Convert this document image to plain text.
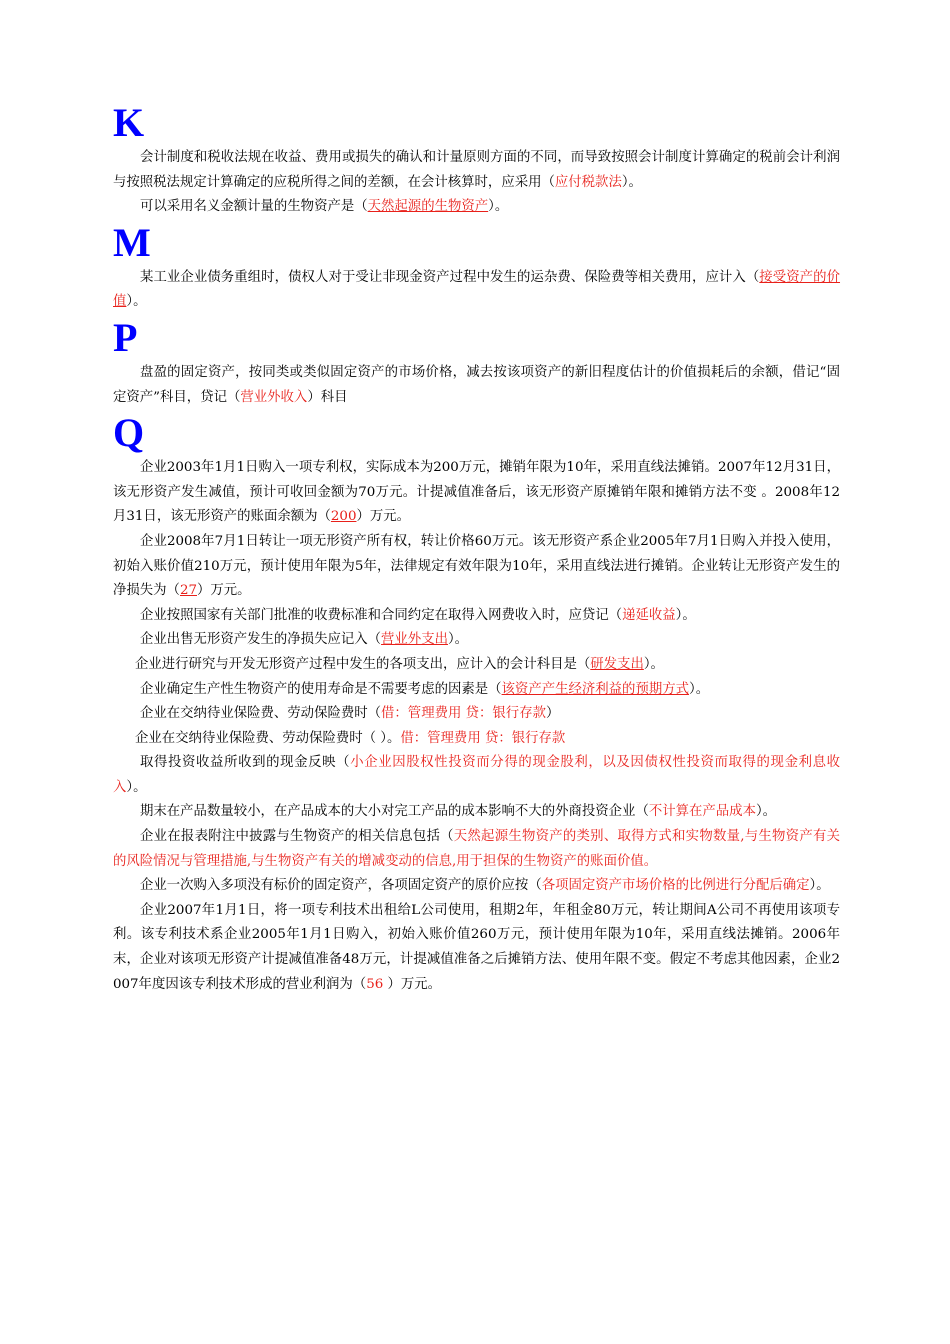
K

会计制度和税收法规在收益、费用或损失的确认和计量原则方面的不同，而导致按照会计制度计算确定的税前会计利润与按照税法规定计算确定的应税所得之间的差额，在会计核算时，应采用（应付税款法）。

可以采用名义金额计量的生物资产是（天然起源的生物资产）。

M

某工业企业债务重组时，债权人对于受让非现金资产过程中发生的运杂费、保险费等相关费用，应计入（接受资产的价值）。

P

盘盈的固定资产，按同类或类似固定资产的市场价格，减去按该项资产的新旧程度估计的价值损耗后的余额，借记“固定资产”科目，贷记（营业外收入）科目

Q

企业2003年1月1日购入一项专利权，实际成本为200万元，摊销年限为10年，采用直线法摊销。2007年12月31日，该无形资产发生减值，预计可收回金额为70万元。计提减值准备后，该无形资产原摊销年限和摊销方法不变 。2008年12月31日，该无形资产的账面余额为（200）万元。

企业2008年7月1日转让一项无形资产所有权，转让价格60万元。该无形资产系企业2005年7月1日购入并投入使用，初始入账价值210万元，预计使用年限为5年，法律规定有效年限为10年，采用直线法进行摊销。企业转让无形资产发生的净损失为（27）万元。

企业按照国家有关部门批准的收费标准和合同约定在取得入网费收入时，应贷记（递延收益）。

企业出售无形资产发生的净损失应记入（营业外支出）。

企业进行研究与开发无形资产过程中发生的各项支出，应计入的会计科目是（研发支出）。

企业确定生产性生物资产的使用寿命是不需要考虑的因素是（该资产产生经济利益的预期方式）。

企业在交纳待业保险费、劳动保险费时（借：管理费用 贷：银行存款）

企业在交纳待业保险费、劳动保险费时（ ）。借：管理费用 贷：银行存款

取得投资收益所收到的现金反映（小企业因股权性投资而分得的现金股利，以及因债权性投资而取得的现金利息收入）。

期末在产品数量较小，在产品成本的大小对完工产品的成本影响不大的外商投资企业（不计算在产品成本）。

企业在报表附注中披露与生物资产的相关信息包括（天然起源生物资产的类别、取得方式和实物数量,与生物资产有关的风险情况与管理措施,与生物资产有关的增减变动的信息,用于担保的生物资产的账面价值。

企业一次购入多项没有标价的固定资产，各项固定资产的原价应按（各项固定资产市场价格的比例进行分配后确定）。

企业2007年1月1日，将一项专利技术出租给L公司使用，租期2年，年租金80万元，转让期间A公司不再使用该项专利。该专利技术系企业2005年1月1日购入，初始入账价值260万元，预计使用年限为10年，采用直线法摊销。2006年末，企业对该项无形资产计提减值准备48万元，计提减值准备之后摊销方法、使用年限不变。假定不考虑其他因素，企业2007年度因该专利技术形成的营业利润为（56 ）万元。
